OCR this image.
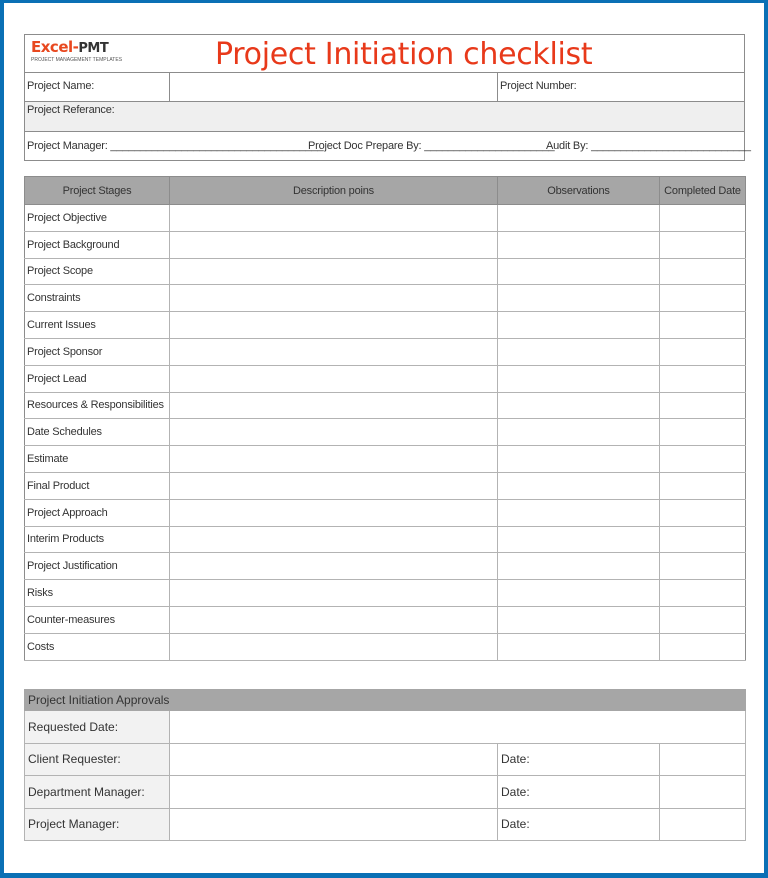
Excel-PMT
PROJECT MANAGEMENT TEMPLATES	Project Initiation checklist
Project Name:	Project Number:
Project Referance:
Project Manager: ____________________________________
Project Doc Prepare By: ______________________
Audit By: ___________________________
Project Stages	Description poins	Observations	Completed Date
Project Objective			
Project Background			
Project Scope			
Constraints			
Current Issues			
Project Sponsor			
Project Lead			
Resources & Responsibilities			
Date Schedules			
Estimate			
Final Product			
Project Approach			
Interim Products			
Project Justification			
Risks			
Counter-measures			
Costs			
Project Initiation Approvals			
Requested Date:			
Client Requester:		Date:	
Department Manager:		Date:	
Project Manager:		Date:	
